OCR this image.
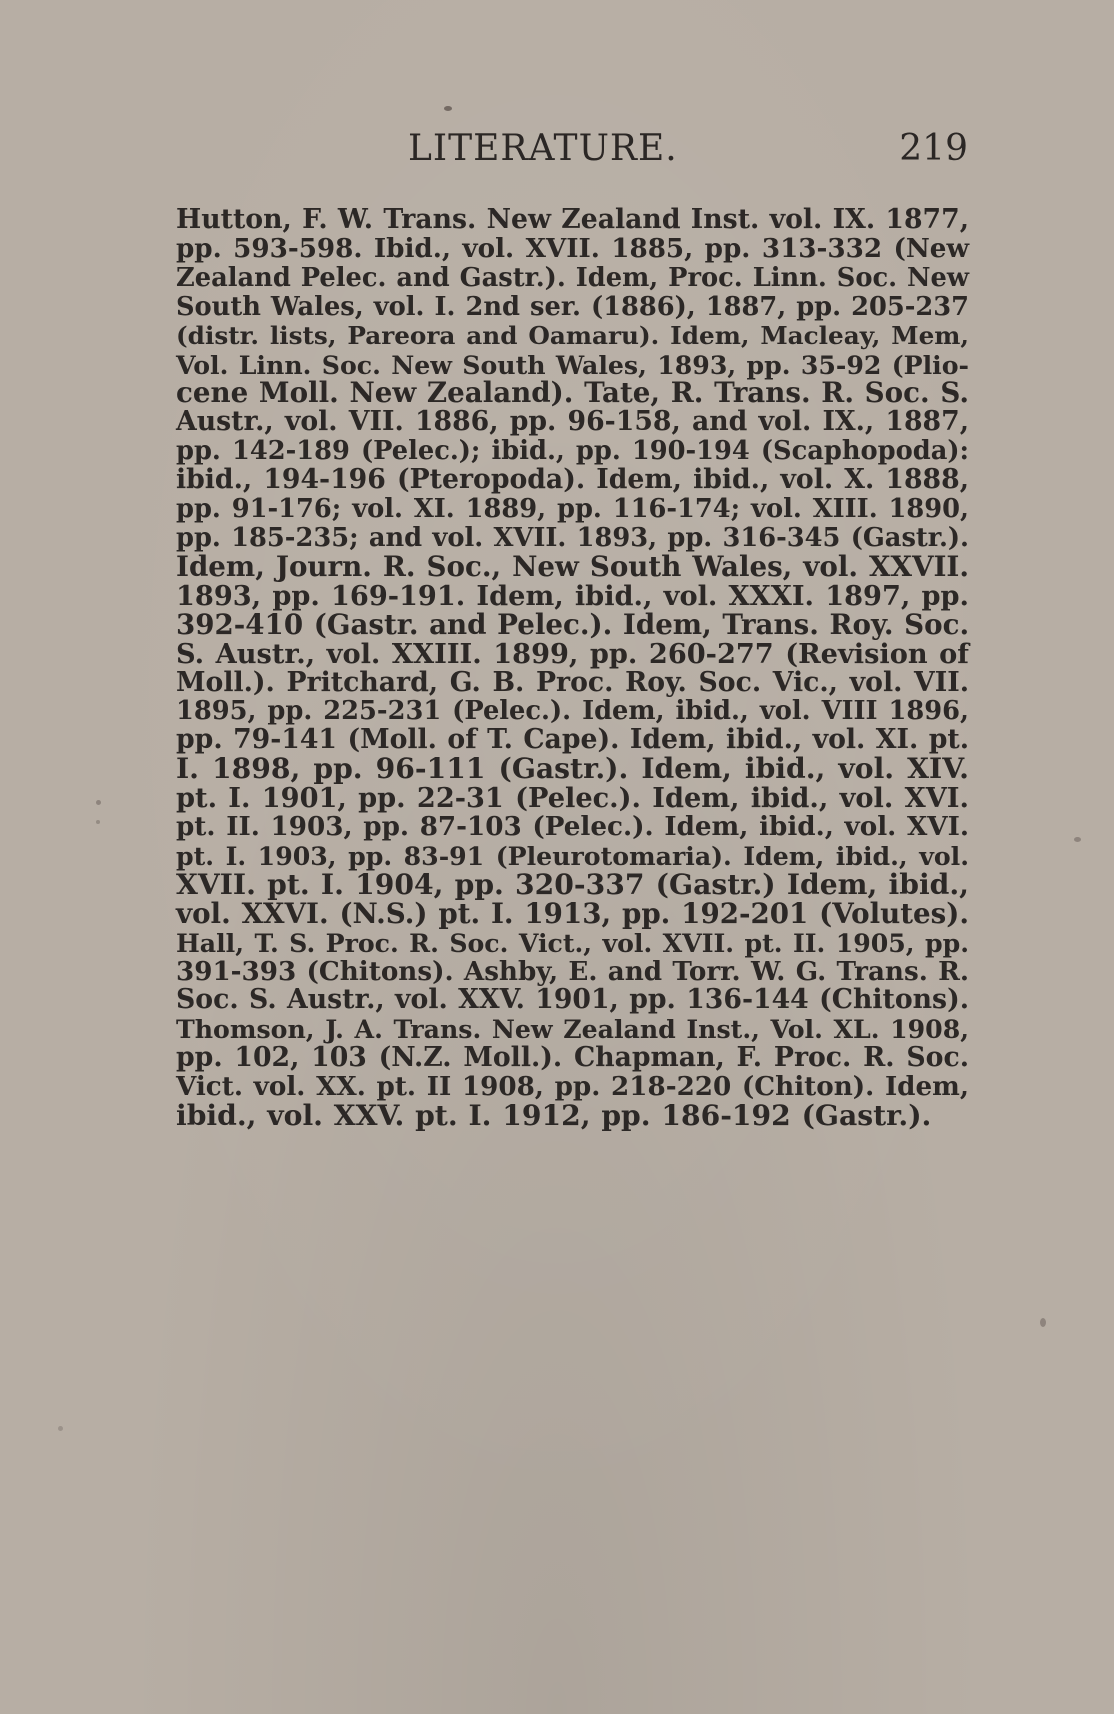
LITERATURE.	219
Hutton, F. W. Trans. New Zealand Inst. vol. IX. 1877,
pp. 593-598. Ibid., vol. XVII. 1885, pp. 313-332 (New
Zealand Pelec. and Gastr.). Idem, Proc. Linn. Soc. New
South Wales, vol. I. 2nd ser. (1886), 1887, pp. 205-237
(distr. lists, Pareora and Oamaru). Idem, Macleay, Mem,
Vol. Linn. Soc. New South Wales, 1893, pp. 35-92 (Plio-
cene Moll. New Zealand). Tate, R. Trans. R. Soc. S.
Austr., vol. VII. 1886, pp. 96-158, and vol. IX., 1887,
pp. 142-189 (Pelec.); ibid., pp. 190-194 (Scaphopoda):
ibid., 194-196 (Pteropoda). Idem, ibid., vol. X. 1888,
pp. 91-176; vol. XI. 1889, pp. 116-174; vol. XIII. 1890,
pp. 185-235; and vol. XVII. 1893, pp. 316-345 (Gastr.).
Idem, Journ. R. Soc., New South Wales, vol. XXVII.
1893, pp. 169-191. Idem, ibid., vol. XXXI. 1897, pp.
392-410 (Gastr. and Pelec.). Idem, Trans. Roy. Soc.
S. Austr., vol. XXIII. 1899, pp. 260-277 (Revision of
Moll.). Pritchard, G. B. Proc. Roy. Soc. Vic., vol. VII.
1895, pp. 225-231 (Pelec.). Idem, ibid., vol. VIII 1896,
pp. 79-141 (Moll. of T. Cape). Idem, ibid., vol. XI. pt.
I. 1898, pp. 96-111 (Gastr.). Idem, ibid., vol. XIV.
pt. I. 1901, pp. 22-31 (Pelec.). Idem, ibid., vol. XVI.
pt. II. 1903, pp. 87-103 (Pelec.). Idem, ibid., vol. XVI.
pt. I. 1903, pp. 83-91 (Pleurotomaria). Idem, ibid., vol.
XVII. pt. I. 1904, pp. 320-337 (Gastr.) Idem, ibid.,
vol. XXVI. (N.S.) pt. I. 1913, pp. 192-201 (Volutes).
Hall, T. S. Proc. R. Soc. Vict., vol. XVII. pt. II. 1905, pp.
391-393 (Chitons). Ashby, E. and Torr. W. G. Trans. R.
Soc. S. Austr., vol. XXV. 1901, pp. 136-144 (Chitons).
Thomson, J. A. Trans. New Zealand Inst., Vol. XL. 1908,
pp. 102, 103 (N.Z. Moll.). Chapman, F. Proc. R. Soc.
Vict. vol. XX. pt. II 1908, pp. 218-220 (Chiton). Idem,
ibid., vol. XXV. pt. I. 1912, pp. 186-192 (Gastr.).
